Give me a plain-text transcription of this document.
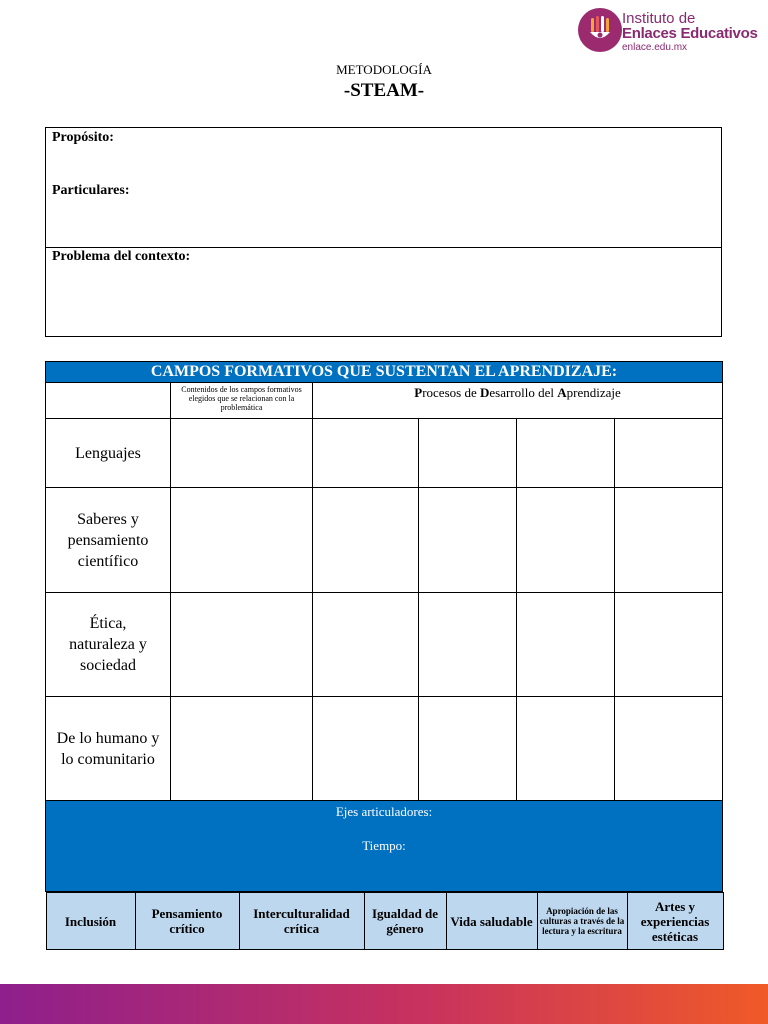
Instituto de
Enlaces Educativos
enlace.edu.mx
METODOLOGÍA
-STEAM-
Propósito:
Particulares:
Problema del contexto:
CAMPOS FORMATIVOS QUE SUSTENTAN EL APRENDIZAJE:
	Contenidos de los campos formativos elegidos que se relacionan con la problemática	Procesos de Desarrollo del Aprendizaje
Lenguajes					
Saberes y pensamiento científico					
Ética, naturaleza y sociedad					
De lo humano y lo comunitario					

Ejes articuladores:
Tiempo:

Inclusión	Pensamiento crítico	Interculturalidad crítica	Igualdad de género	Vida saludable	Apropiación de las culturas a través de la lectura y la escritura	Artes y experiencias estéticas
